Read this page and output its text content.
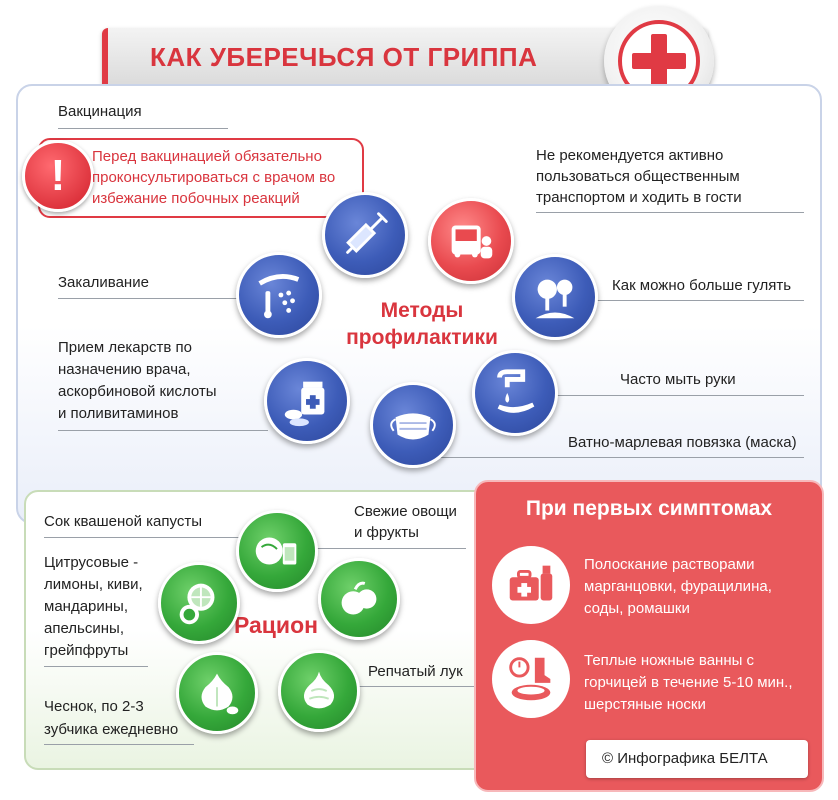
КАК УБЕРЕЧЬСЯ ОТ ГРИППА
Вакцинация
!	Перед вакцинацией обязательно проконсультироваться с врачом во избежание побочных реакций
Не рекомендуется активно
пользоваться общественным
транспортом и ходить в гости
Закаливание	Как можно больше гулять
Прием лекарств по
назначению врача,
аскорбиновой кислоты
и поливитаминов
Часто мыть руки
Ватно-марлевая повязка (маска)
Методы
профилактики
Сок квашеной капусты
Свежие овощи
и фрукты
Цитрусовые -
лимоны, киви,
мандарины,
апельсины,
грейпфруты
Чеснок, по 2-3
зубчика ежедневно
Репчатый лук
Рацион
При первых симптомах
Полоскание растворами
марганцовки, фурацилина,
соды, ромашки
Теплые ножные ванны с
горчицей в течение 5-10 мин.,
шерстяные носки
© Инфографика БЕЛТА
